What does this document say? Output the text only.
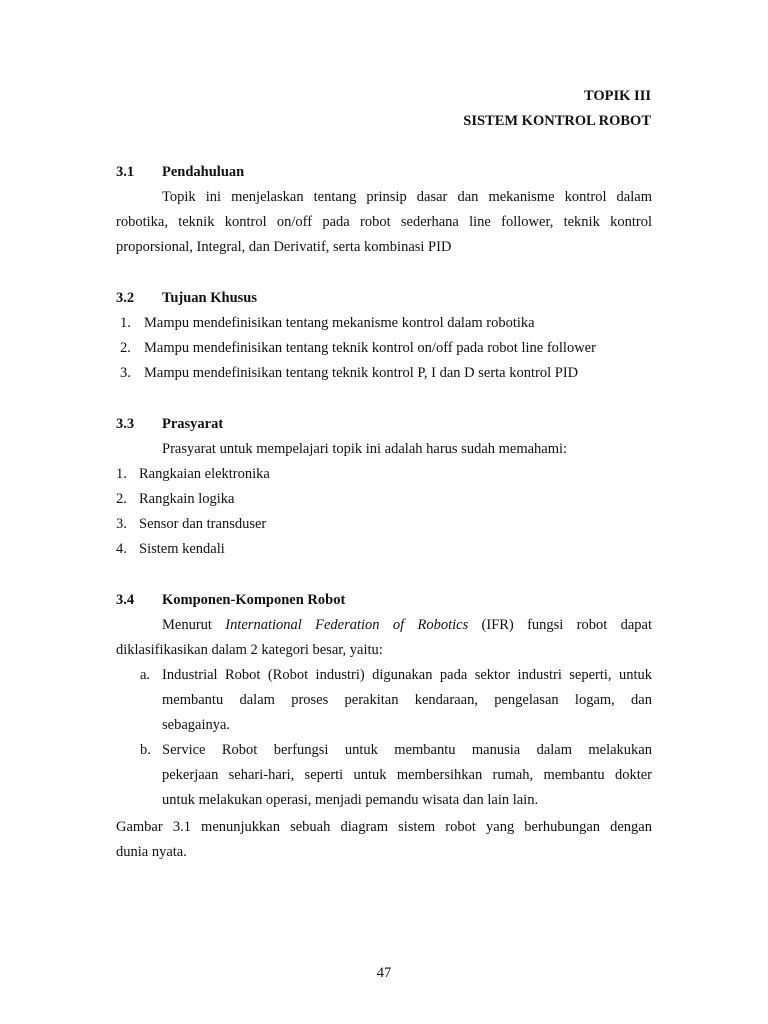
TOPIK III
SISTEM KONTROL ROBOT
3.1 Pendahuluan
Topik ini menjelaskan tentang prinsip dasar dan mekanisme kontrol dalam
robotika, teknik kontrol on/off pada robot sederhana line follower, teknik kontrol
proporsional, Integral, dan Derivatif, serta kombinasi PID
3.2 Tujuan Khusus
1. Mampu mendefinisikan tentang mekanisme kontrol dalam robotika
2. Mampu mendefinisikan tentang teknik kontrol on/off pada robot line follower
3. Mampu mendefinisikan tentang teknik kontrol P, I dan D serta kontrol PID
3.3 Prasyarat
Prasyarat untuk mempelajari topik ini adalah harus sudah memahami:
1. Rangkaian elektronika
2. Rangkain logika
3. Sensor dan transduser
4. Sistem kendali
3.4 Komponen-Komponen Robot
Menurut International Federation of Robotics (IFR) fungsi robot dapat
diklasifikasikan dalam 2 kategori besar, yaitu:
a. Industrial Robot (Robot industri) digunakan pada sektor industri seperti, untuk
membantu dalam proses perakitan kendaraan, pengelasan logam, dan
sebagainya.
b. Service Robot berfungsi untuk membantu manusia dalam melakukan
pekerjaan sehari-hari, seperti untuk membersihkan rumah, membantu dokter
untuk melakukan operasi, menjadi pemandu wisata dan lain lain.
Gambar 3.1 menunjukkan sebuah diagram sistem robot yang berhubungan dengan
dunia nyata.
47
